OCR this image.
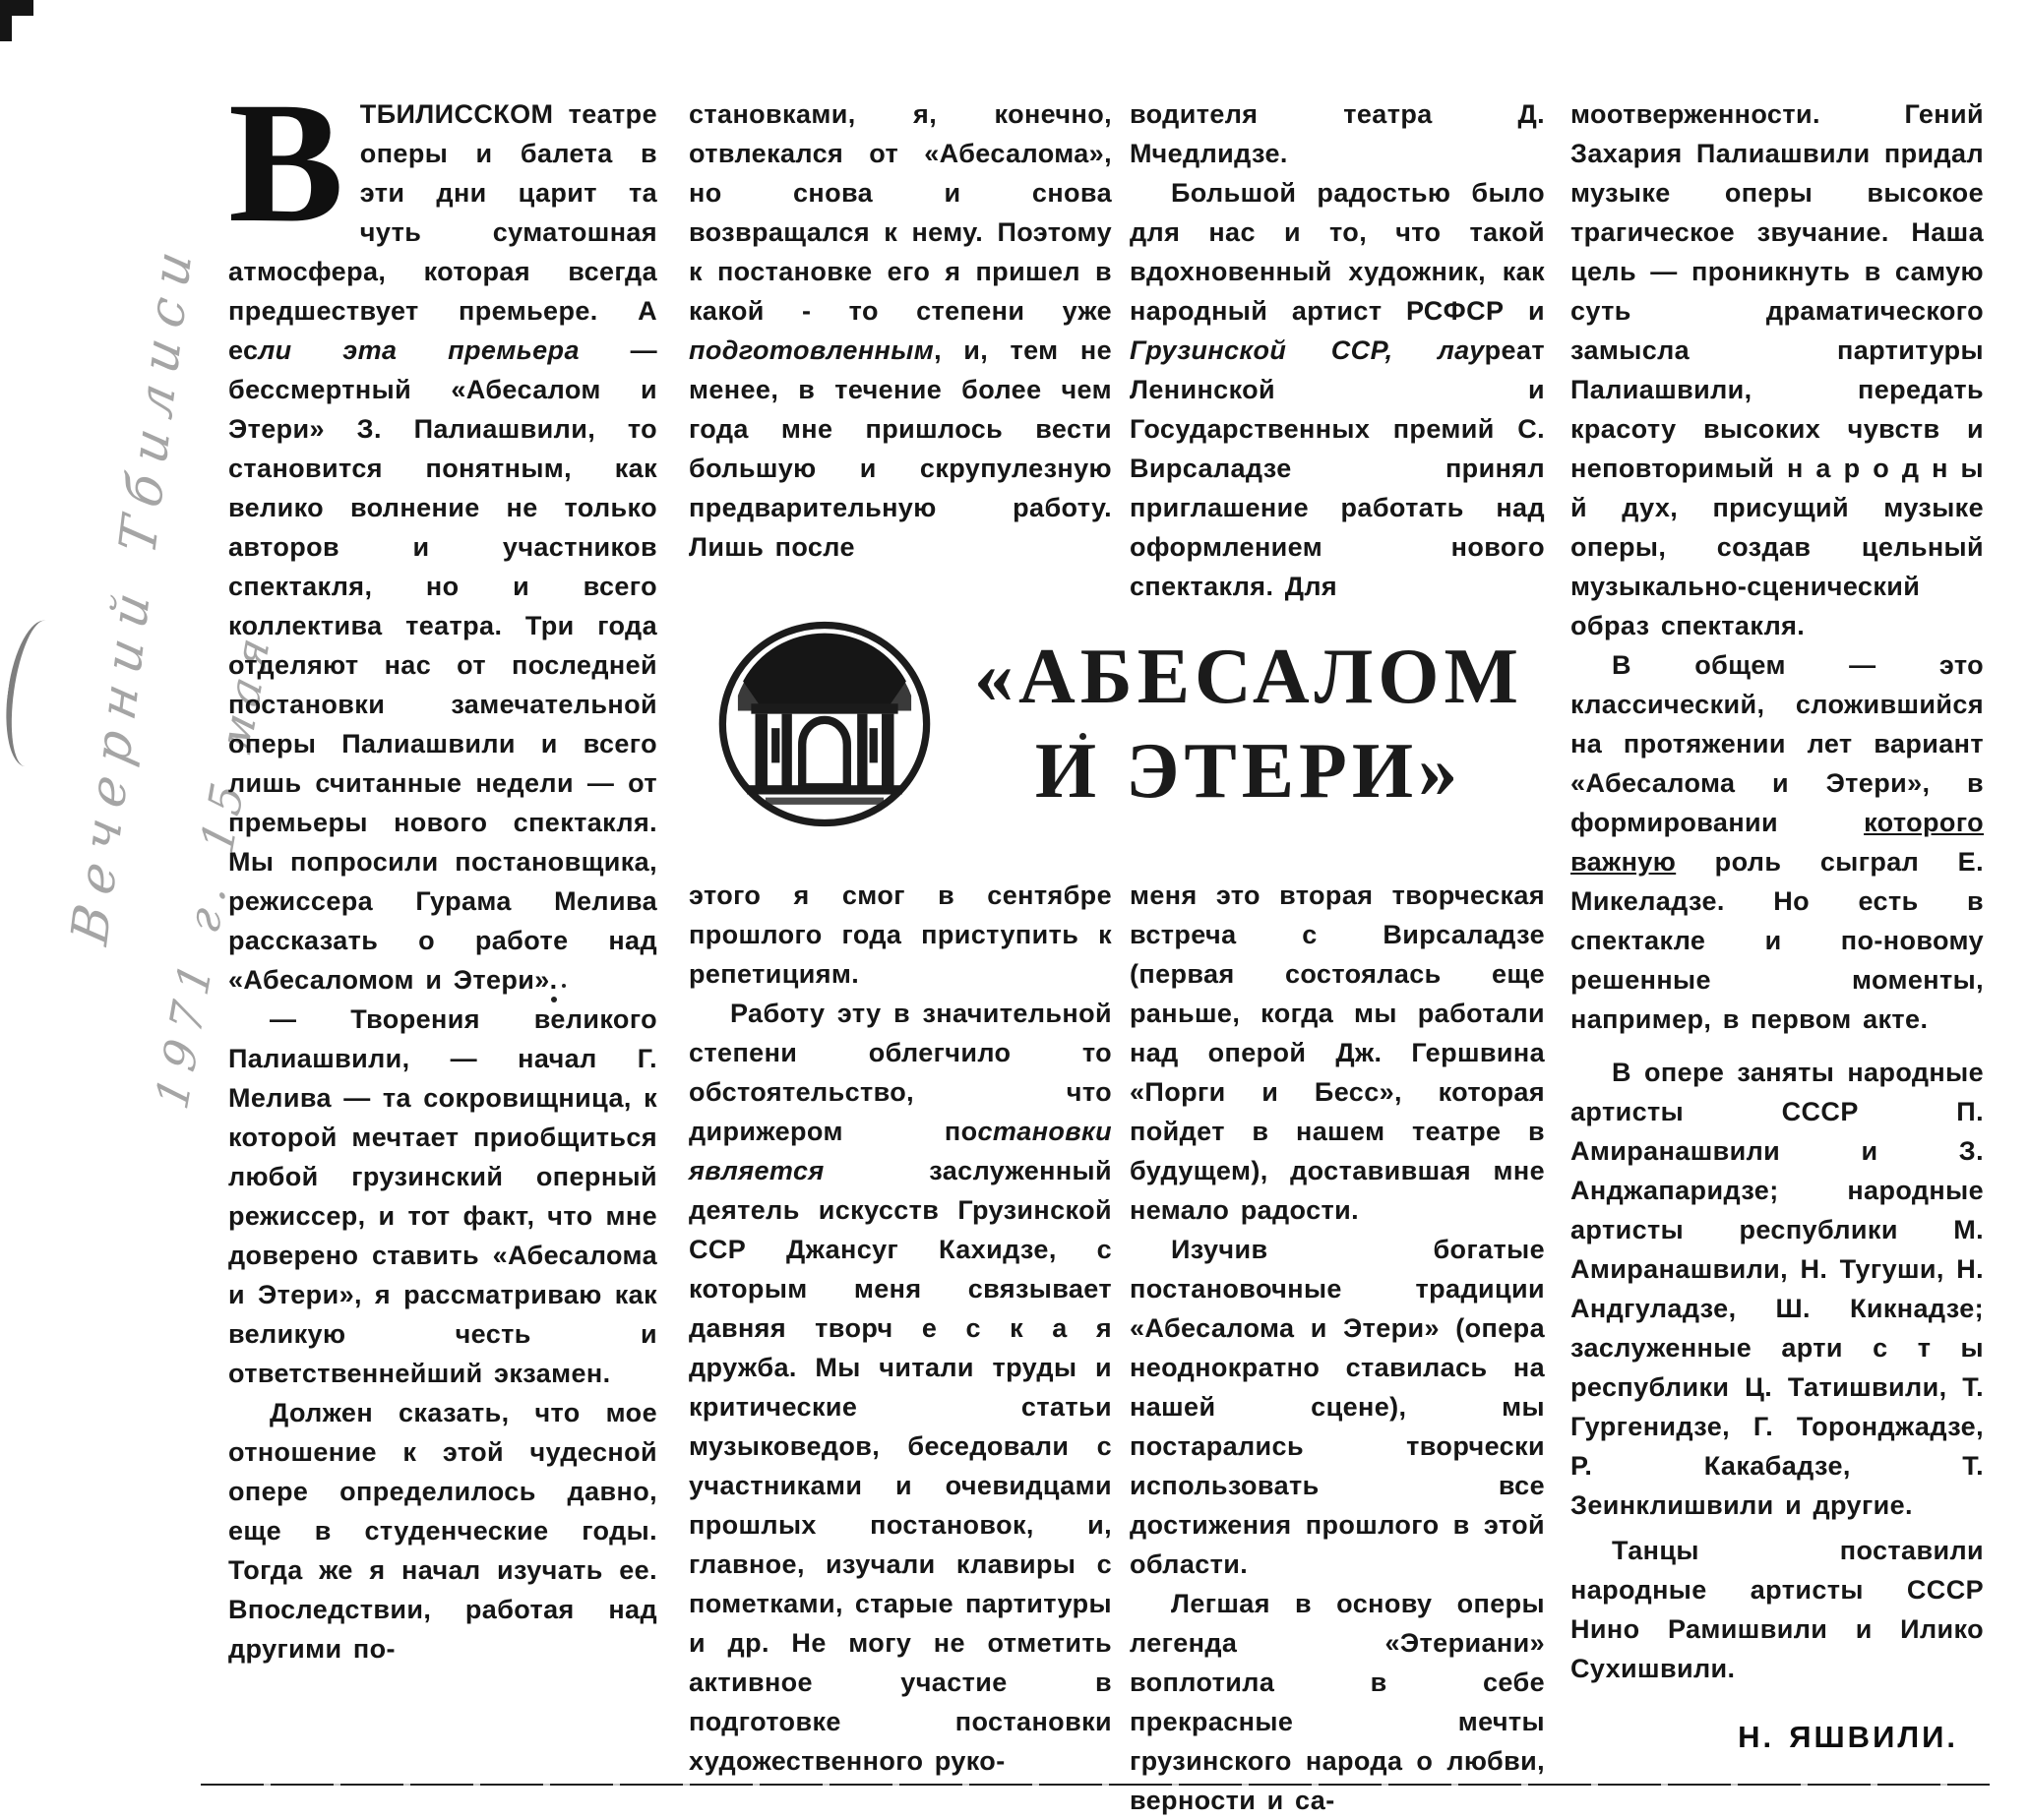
Вечерний Тбилиси
1971 г. 15 мая

ВТБИЛИССКОМ театре оперы и балета в эти дни царит та чуть суматошная атмосфера, которая всегда предшествует премьере. А если эта премьера — бессмертный «Абесалом и Этери» З. Палиашвили, то становится понятным, как велико волнение не только авторов и участников спектакля, но и всего коллектива театра. Три года отделяют нас от последней постановки замечательной оперы Палиашвили и всего лишь считанные недели — от премьеры нового спектакля. Мы попросили постановщика, режиссера Гурама Мелива рассказать о работе над «Абесаломом и Этери».

— Творения великого Палиашвили, — начал Г. Мелива — та сокровищница, к которой мечтает приобщиться любой грузинский оперный режиссер, и тот факт, что мне доверено ставить «Абесалома и Этери», я рассматриваю как великую честь и ответственнейший экзамен.

Должен сказать, что мое отношение к этой чудесной опере определилось давно, еще в студенческие годы. Тогда же я начал изучать ее. Впоследствии, работая над другими по-

становками, я, конечно, отвлекался от «Абесалома», но снова и снова возвращался к нему. Поэтому к постановке его я пришел в какой - то степени уже подготовленным, и, тем не менее, в течение более чем года мне пришлось вести большую и скрупулезную предварительную работу. Лишь после

«АБЕСАЛОМ
И ЭТЕРИ»

этого я смог в сентябре прошлого года приступить к репетициям.

Работу эту в значительной степени облегчило то обстоятельство, что дирижером постановки является заслуженный деятель искусств Грузинской ССР Джансуг Кахидзе, с которым меня связывает давняя творч е с к а я дружба. Мы читали труды и критические статьи музыковедов, беседовали с участниками и очевидцами прошлых постановок, и, главное, изучали клавиры с пометками, старые партитуры и др. Не могу не отметить активное участие в подготовке постановки художественного руко-

водителя театра Д. Мчедлидзе.

Большой радостью было для нас и то, что такой вдохновенный художник, как народный артист РСФСР и Грузинской ССР, лауреат Ленинской и Государственных премий С. Вирсаладзе принял приглашение работать над оформлением нового спектакля. Для

меня это вторая творческая встреча с Вирсаладзе (первая состоялась еще раньше, когда мы работали над оперой Дж. Гершвина «Порги и Бесс», которая пойдет в нашем театре в будущем), доставившая мне немало радости.

Изучив богатые постановочные традиции «Абесалома и Этери» (опера неоднократно ставилась на нашей сцене), мы постарались творчески использовать все достижения прошлого в этой области.

Легшая в основу оперы легенда «Этериани» воплотила в себе прекрасные мечты грузинского народа о любви, верности и са-

моотверженности. Гений Захария Палиашвили придал музыке оперы высокое трагическое звучание. Наша цель — проникнуть в самую суть драматического замысла партитуры Палиашвили, передать красоту высоких чувств и неповторимый н а р о д н ы й дух, присущий музыке оперы, создав цельный музыкально-сценический образ спектакля.

В общем — это классический, сложившийся на протяжении лет вариант «Абесалома и Этери», в формировании которого важную роль сыграл Е. Микеладзе. Но есть в спектакле и по-новому решенные моменты, например, в первом акте.

В опере заняты народные артисты СССР П. Амиранашвили и З. Анджапаридзе; народные артисты республики М. Амиранашвили, Н. Тугуши, Н. Андгуладзе, Ш. Кикнадзе; заслуженные арти с т ы республики Ц. Татишвили, Т. Гургенидзе, Г. Торонджадзе, Р. Какабадзе, Т. Зеинклишвили и другие.

Танцы поставили народные артисты СССР Нино Рамишвили и Илико Сухишвили.

Н. ЯШВИЛИ.
